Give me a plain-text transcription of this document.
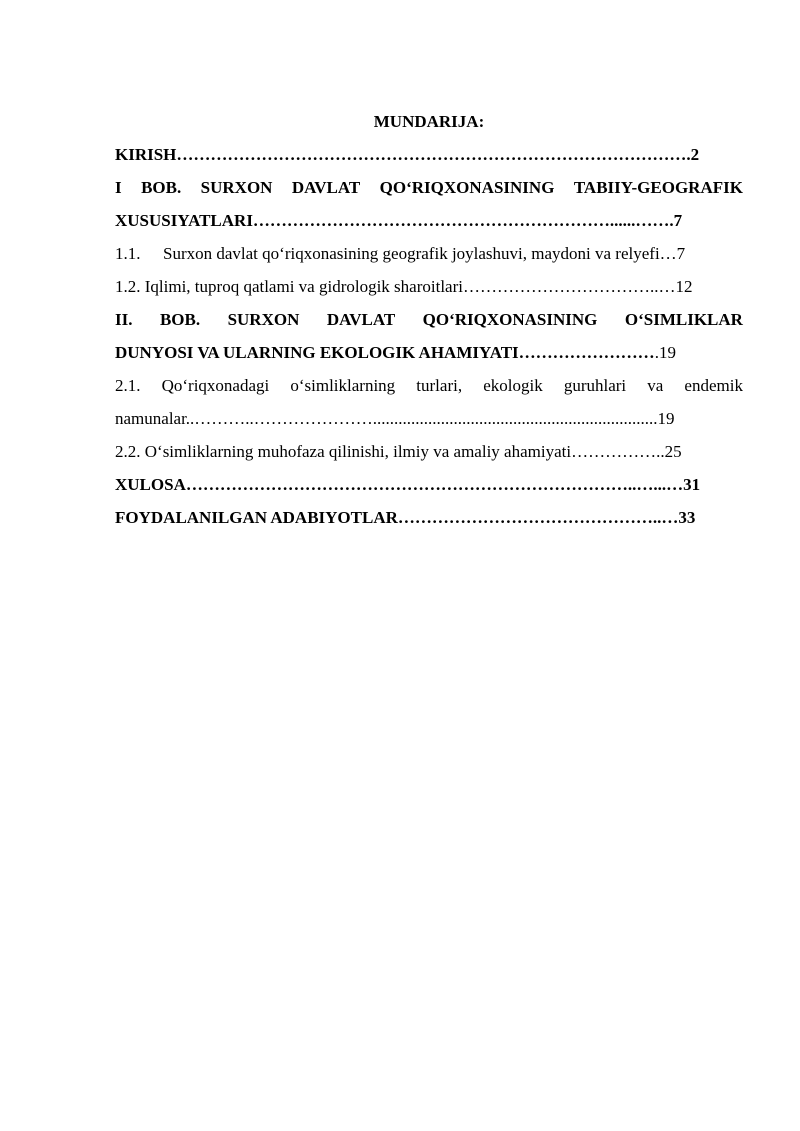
MUNDARIJA:
KIRISH……………………………………………………………………………….2
I BOB. SURXON DAVLAT QO‘RIQXONASINING TABIIY-GEOGRAFIK
XUSUSIYATLARI………………………………………………………......…….7
1.1. Surxon davlat qo‘riqxonasining geografik joylashuvi, maydoni va relyefi…7
1.2. Iqlimi, tuproq qatlami va gidrologik sharoitlari……………………………..…12
II. BOB. SURXON DAVLAT QO‘RIQXONASINING O‘SIMLIKLAR
DUNYOSI VA ULARNING EKOLOGIK AHAMIYATI…………………….19
2.1. Qo‘riqxonadagi o‘simliklarning turlari, ekologik guruhlari va endemik
namunalar..………..…………………...................................................................19
2.2. O‘simliklarning muhofaza qilinishi, ilmiy va amaliy ahamiyati……………..25
XULOSA……………………………………………………………………..…...…31
FOYDALANILGAN ADABIYOTLAR………………………………………..…33
